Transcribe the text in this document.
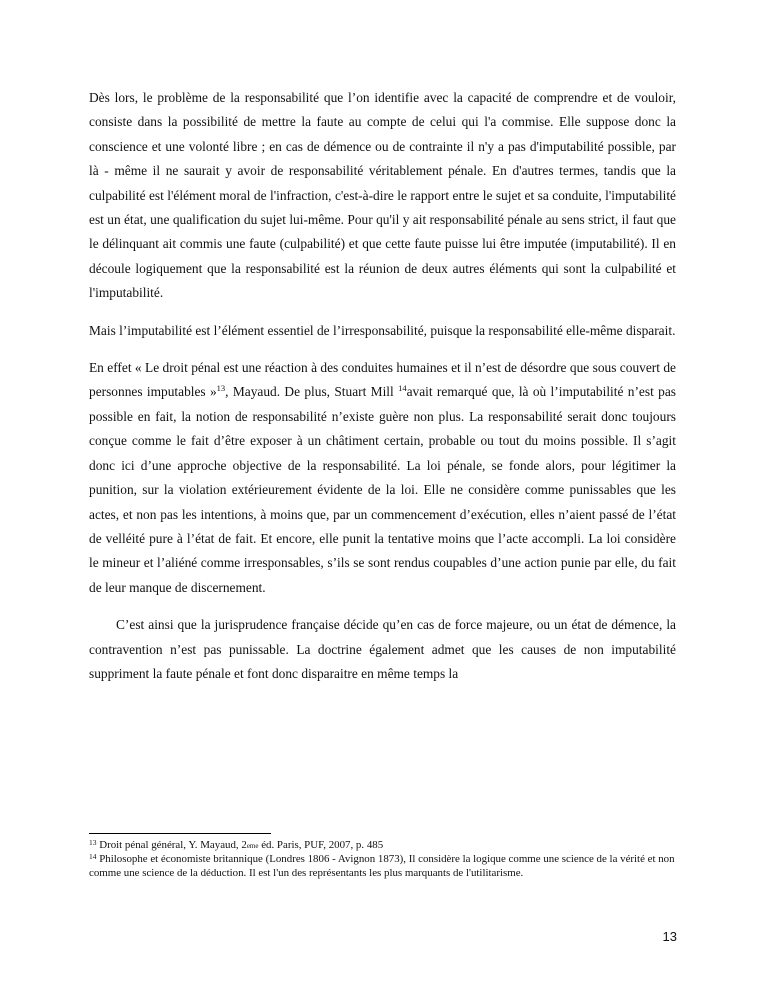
Dès lors, le problème de la responsabilité que l’on identifie avec la capacité de comprendre et de vouloir, consiste dans la possibilité de mettre la faute au compte de celui qui l'a commise. Elle suppose donc la conscience et une volonté libre ; en cas de démence ou de contrainte il n'y a pas d'imputabilité possible, par là - même il ne saurait y avoir de responsabilité véritablement pénale. En d'autres termes, tandis que la culpabilité est l'élément moral de l'infraction, c'est-à-dire le rapport entre le sujet et sa conduite, l'imputabilité est un état, une qualification du sujet lui-même. Pour qu'il y ait responsabilité pénale au sens strict, il faut que le délinquant ait commis une faute (culpabilité) et que cette faute puisse lui être imputée (imputabilité). Il en découle logiquement que la responsabilité est la réunion de deux autres éléments qui sont la culpabilité et l'imputabilité.

Mais l’imputabilité est l’élément essentiel de l’irresponsabilité, puisque la responsabilité elle-même disparait.

En effet « Le droit pénal est une réaction à des conduites humaines et il n’est de désordre que sous couvert de personnes imputables »$^{13}$, Mayaud. De plus, Stuart Mill $^{14}$avait remarqué que, là où l’imputabilité n’est pas possible en fait, la notion de responsabilité n’existe guère non plus. La responsabilité serait donc toujours conçue comme le fait d’être exposer à un châtiment certain, probable ou tout du moins possible. Il s’agit donc ici d’une approche objective de la responsabilité. La loi pénale, se fonde alors, pour légitimer la punition, sur la violation extérieurement évidente de la loi. Elle ne considère comme punissables que les actes, et non pas les intentions, à moins que, par un commencement d’exécution, elles n’aient passé de l’état de velléité pure à l’état de fait. Et encore, elle punit la tentative moins que l’acte accompli. La loi considère le mineur et l’aliéné comme irresponsables, s’ils se sont rendus coupables d’une action punie par elle, du fait de leur manque de discernement.

C’est ainsi que la jurisprudence française décide qu’en cas de force majeure, ou un état de démence, la contravention n’est pas punissable. La doctrine également admet que les causes de non imputabilité suppriment la faute pénale et font donc disparaitre en même temps la

$^{13}$ Droit pénal général, Y. Mayaud, 2eme éd. Paris, PUF, 2007, p. 485

$^{14}$ Philosophe et économiste britannique (Londres 1806 - Avignon 1873), Il considère la logique comme une science de la vérité et non comme une science de la déduction. Il est l'un des représentants les plus marquants de l'utilitarisme.

13
